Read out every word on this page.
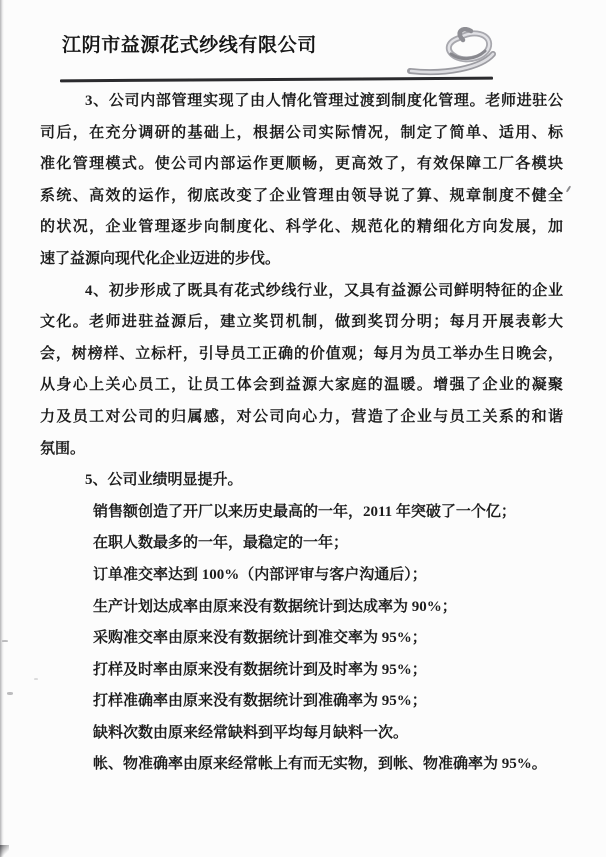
江阴市益源花式纱线有限公司
3、公司内部管理实现了由人情化管理过渡到制度化管理。老师进驻公
司后，在充分调研的基础上，根据公司实际情况，制定了简单、适用、标
准化管理模式。使公司内部运作更顺畅，更高效了，有效保障工厂各模块
系统、高效的运作，彻底改变了企业管理由领导说了算、规章制度不健全
的状况，企业管理逐步向制度化、科学化、规范化的精细化方向发展，加
速了益源向现代化企业迈进的步伐。
4、初步形成了既具有花式纱线行业，又具有益源公司鲜明特征的企业
文化。老师进驻益源后，建立奖罚机制，做到奖罚分明；每月开展表彰大
会，树榜样、立标杆，引导员工正确的价值观；每月为员工举办生日晚会，
从身心上关心员工，让员工体会到益源大家庭的温暖。增强了企业的凝聚
力及员工对公司的归属感，对公司向心力，营造了企业与员工关系的和谐
氛围。
5、公司业绩明显提升。
销售额创造了开厂以来历史最高的一年，2011 年突破了一个亿；
在职人数最多的一年，最稳定的一年；
订单准交率达到 100%（内部评审与客户沟通后）；
生产计划达成率由原来没有数据统计到达成率为 90%；
采购准交率由原来没有数据统计到准交率为 95%；
打样及时率由原来没有数据统计到及时率为 95%；
打样准确率由原来没有数据统计到准确率为 95%；
缺料次数由原来经常缺料到平均每月缺料一次。
帐、物准确率由原来经常帐上有而无实物，到帐、物准确率为 95%。
